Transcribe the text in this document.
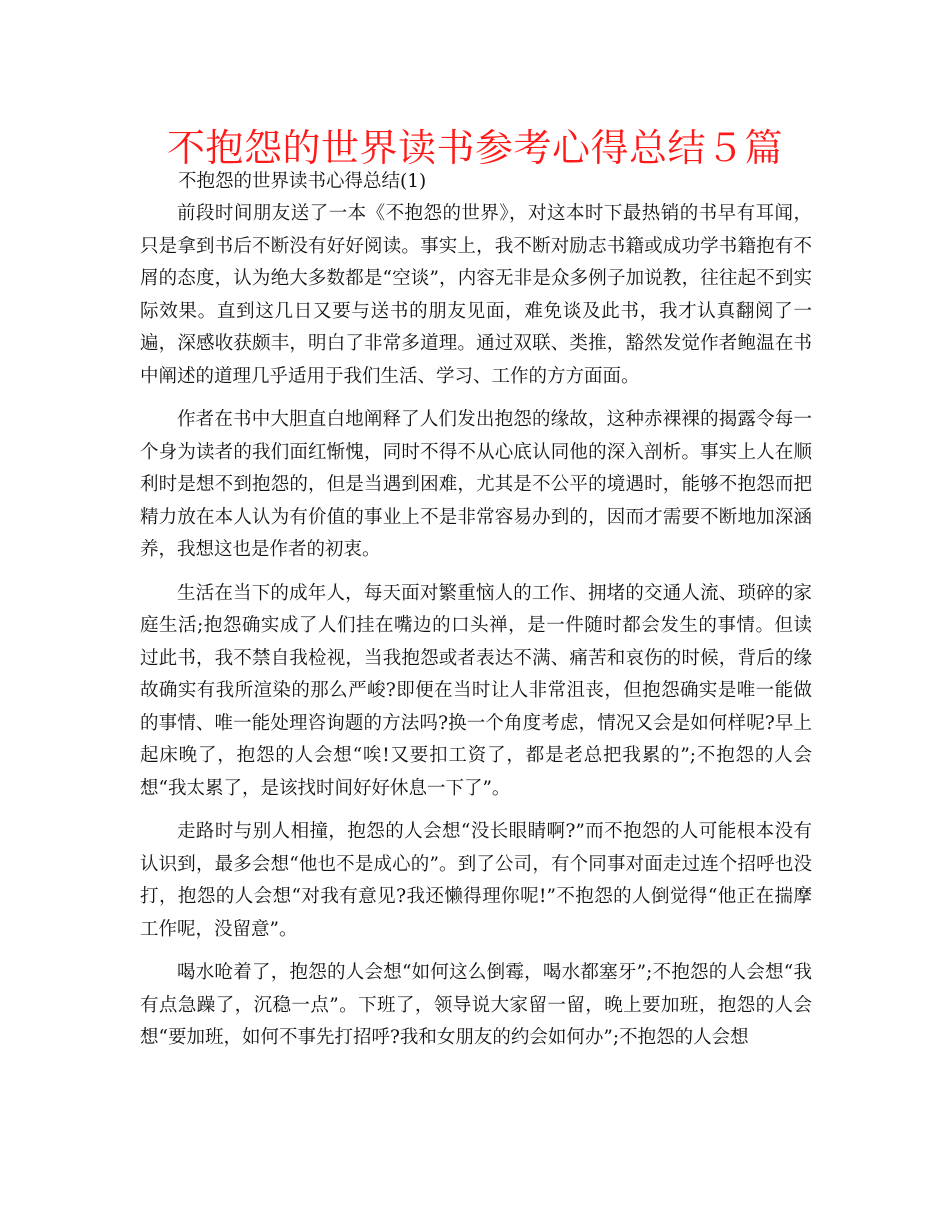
不抱怨的世界读书参考心得总结５篇
不抱怨的世界读书心得总结(1)

前段时间朋友送了一本《不抱怨的世界》，对这本时下最热销的书早有耳闻，只是拿到书后不断没有好好阅读。事实上，我不断对励志书籍或成功学书籍抱有不屑的态度，认为绝大多数都是“空谈”，内容无非是众多例子加说教，往往起不到实际效果。直到这几日又要与送书的朋友见面，难免谈及此书，我才认真翻阅了一遍，深感收获颇丰，明白了非常多道理。通过双联、类推，豁然发觉作者鲍温在书中阐述的道理几乎适用于我们生活、学习、工作的方方面面。

作者在书中大胆直白地阐释了人们发出抱怨的缘故，这种赤裸裸的揭露令每一个身为读者的我们面红惭愧，同时不得不从心底认同他的深入剖析。事实上人在顺利时是想不到抱怨的，但是当遇到困难，尤其是不公平的境遇时，能够不抱怨而把精力放在本人认为有价值的事业上不是非常容易办到的，因而才需要不断地加深涵养，我想这也是作者的初衷。

生活在当下的成年人，每天面对繁重恼人的工作、拥堵的交通人流、琐碎的家庭生活;抱怨确实成了人们挂在嘴边的口头禅，是一件随时都会发生的事情。但读过此书，我不禁自我检视，当我抱怨或者表达不满、痛苦和哀伤的时候，背后的缘故确实有我所渲染的那么严峻?即便在当时让人非常沮丧，但抱怨确实是唯一能做的事情、唯一能处理咨询题的方法吗?换一个角度考虑，情况又会是如何样呢?早上起床晚了，抱怨的人会想“唉!又要扣工资了，都是老总把我累的”;不抱怨的人会想“我太累了，是该找时间好好休息一下了”。

走路时与别人相撞，抱怨的人会想“没长眼睛啊?”而不抱怨的人可能根本没有认识到，最多会想“他也不是成心的”。到了公司，有个同事对面走过连个招呼也没打，抱怨的人会想“对我有意见?我还懒得理你呢!”不抱怨的人倒觉得“他正在揣摩工作呢，没留意”。

喝水呛着了，抱怨的人会想“如何这么倒霉，喝水都塞牙”;不抱怨的人会想“我有点急躁了，沉稳一点”。下班了，领导说大家留一留，晚上要加班，抱怨的人会想“要加班，如何不事先打招呼?我和女朋友的约会如何办”;不抱怨的人会想
